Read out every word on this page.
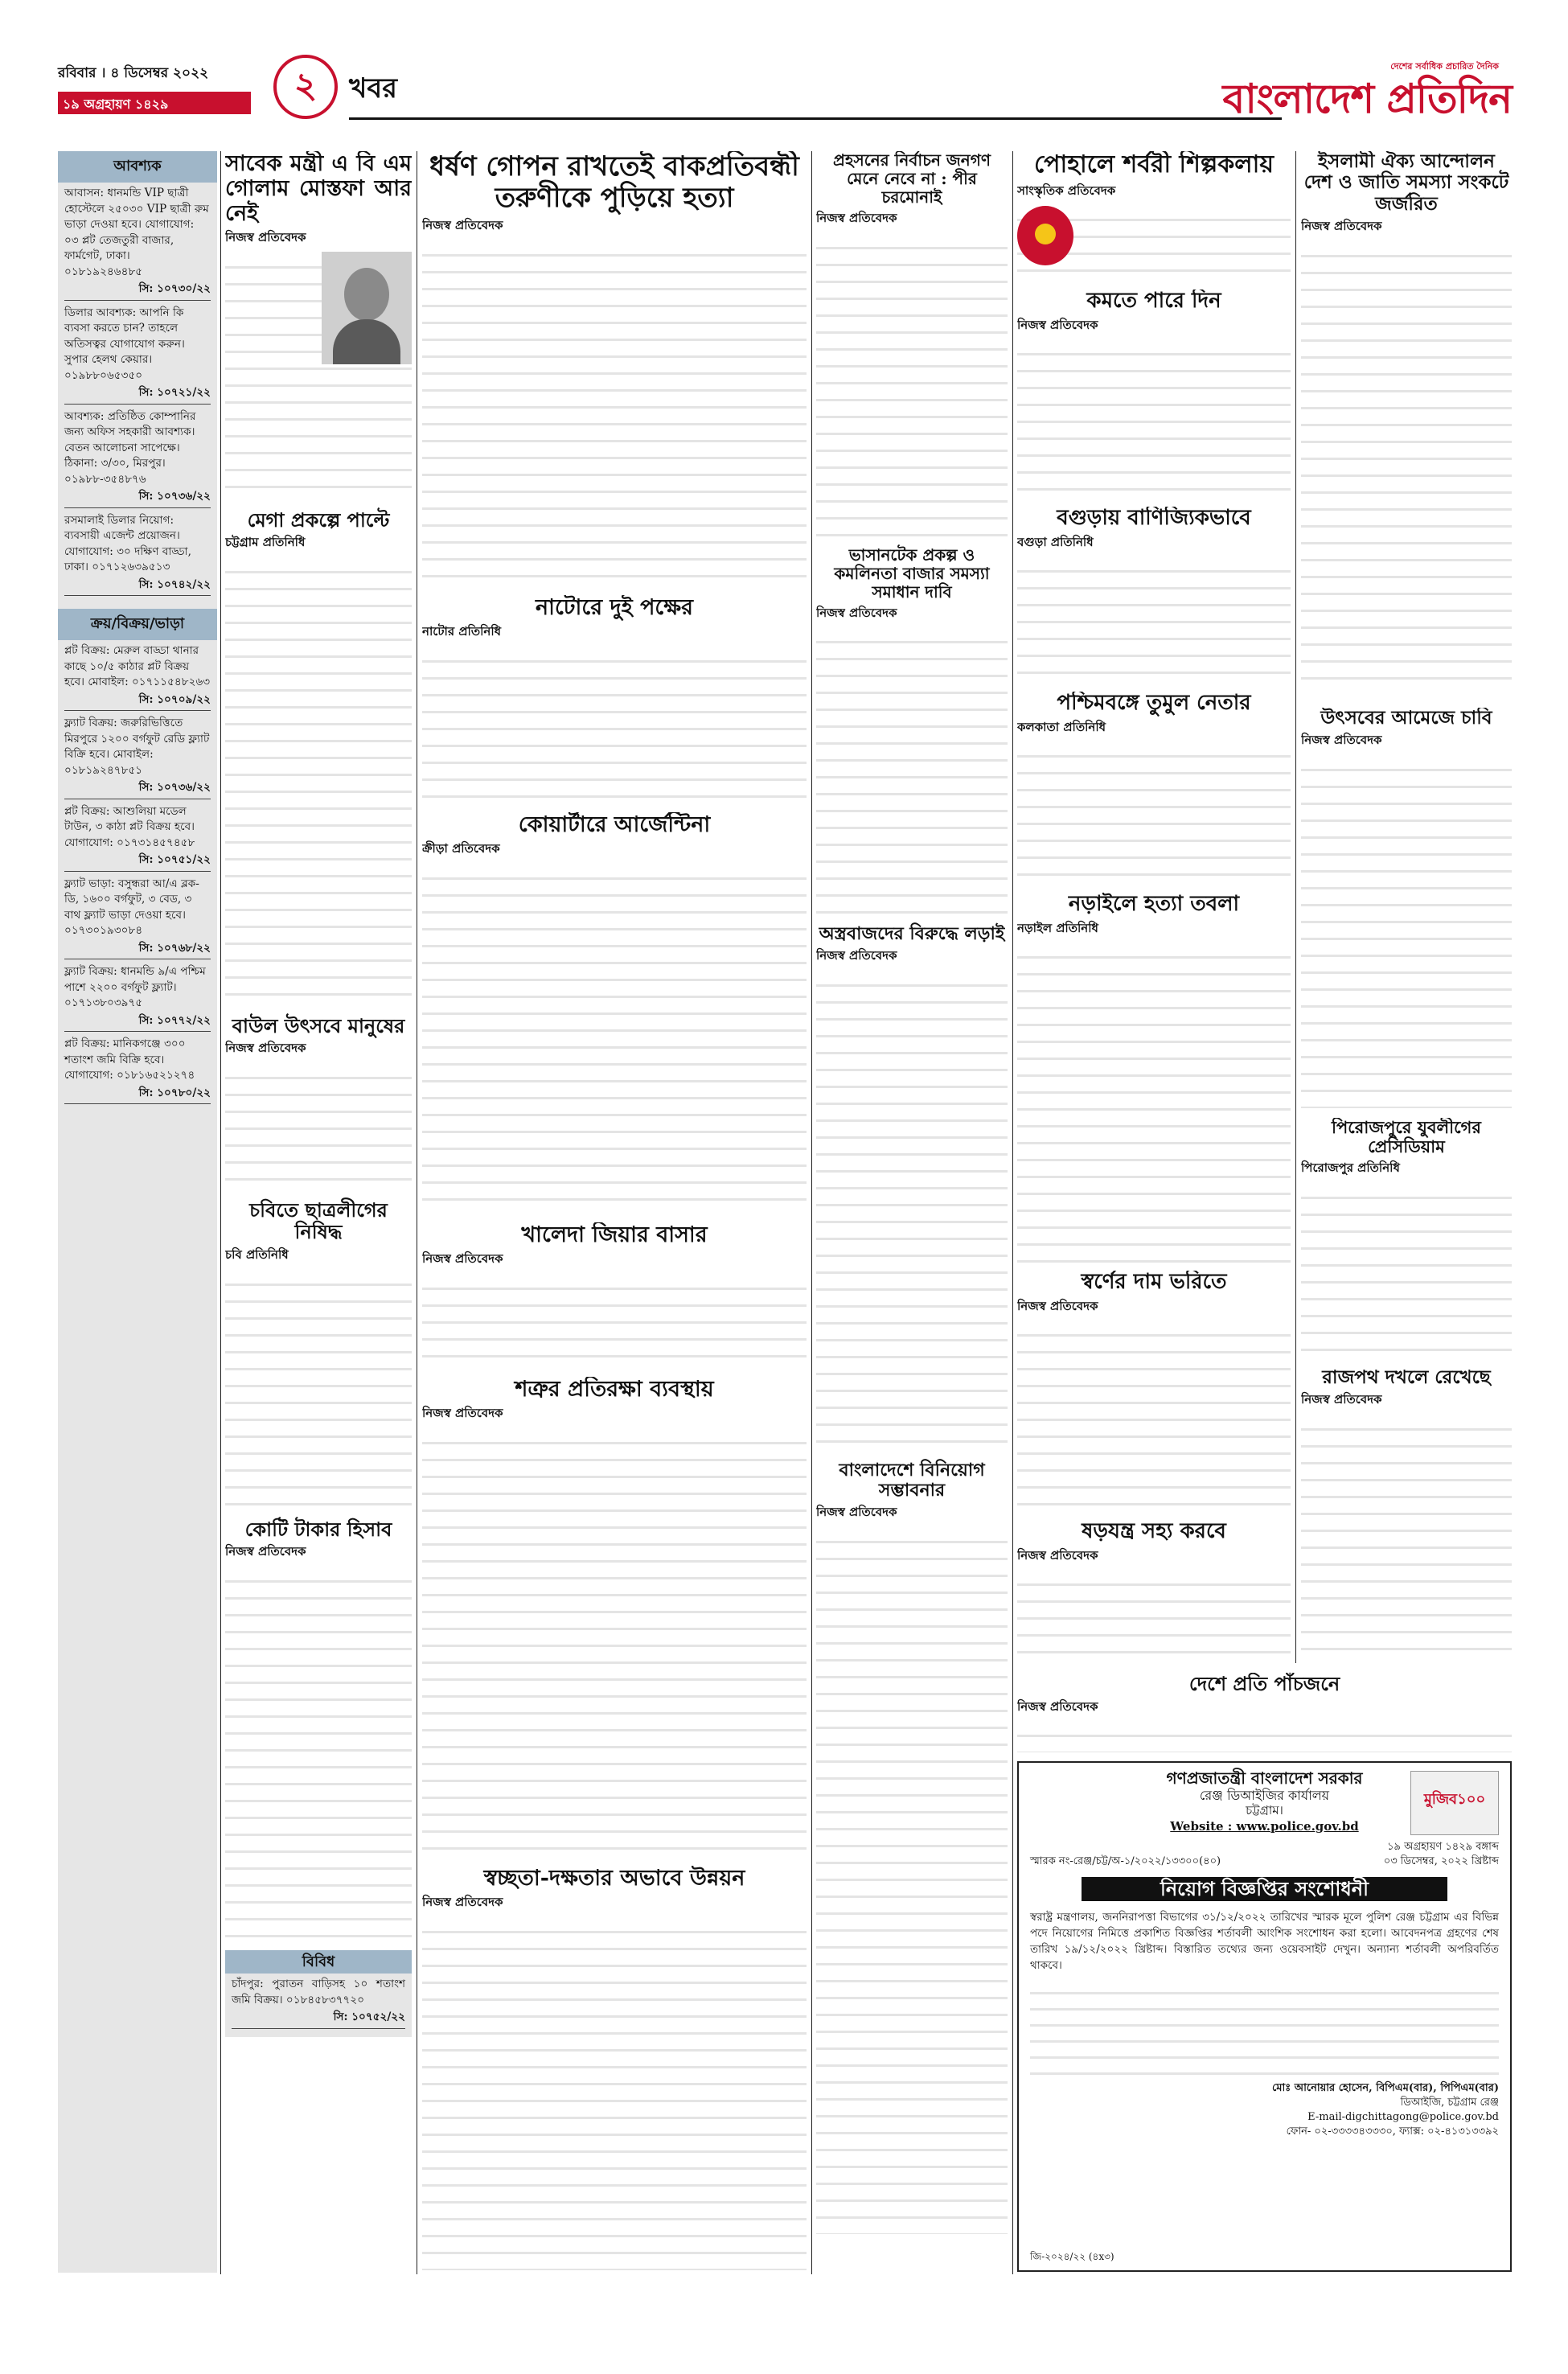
রবিবার । ৪ ডিসেম্বর ২০২২
১৯ অগ্রহায়ণ ১৪২৯	২	খবর
দেশের সর্বাধিক প্রচারিত দৈনিক
বাংলাদেশ প্রতিদিন
আবশ্যক
আবাসন: ধানমন্ডি VIP ছাত্রী হোস্টেলে ২৫০৩০ VIP ছাত্রী রুম ভাড়া দেওয়া হবে। যোগাযোগ: ০৩ প্লট তেজতুরী বাজার, ফার্মগেট, ঢাকা। ০১৮১৯২৪৬৪৮৫
সি: ১০৭৩০/২২
ডিলার আবশ্যক: আপনি কি ব্যবসা করতে চান? তাহলে অতিসত্বর যোগাযোগ করুন। সুপার হেলথ কেয়ার। ০১৯৮৮০৬৫৩৫০
সি: ১০৭২১/২২
আবশ্যক: প্রতিষ্ঠিত কোম্পানির জন্য অফিস সহকারী আবশ্যক। বেতন আলোচনা সাপেক্ষে। ঠিকানা: ৩/৩০, মিরপুর। ০১৯৮৮-৩৫৪৮৭৬
সি: ১০৭৩৬/২২
রসমালাই ডিলার নিয়োগ: ব্যবসায়ী এজেন্ট প্রয়োজন। যোগাযোগ: ৩০ দক্ষিণ বাড্ডা, ঢাকা। ০১৭১২৬৩৯৫১৩
সি: ১০৭৪২/২২
ক্রয়/বিক্রয়/ভাড়া
প্লট বিক্রয়: মেরুল বাড্ডা থানার কাছে ১০/৫ কাঠার প্লট বিক্রয় হবে। মোবাইল: ০১৭১১৫৪৮২৬৩
সি: ১০৭০৯/২২
ফ্ল্যাট বিক্রয়: জরুরিভিত্তিতে মিরপুরে ১২০০ বর্গফুট রেডি ফ্ল্যাট বিক্রি হবে। মোবাইল: ০১৮১৯২৪৭৮৫১
সি: ১০৭৩৬/২২
প্লট বিক্রয়: আশুলিয়া মডেল টাউন, ৩ কাঠা প্লট বিক্রয় হবে। যোগাযোগ: ০১৭৩১৪৫৭৪৫৮
সি: ১০৭৫১/২২
ফ্ল্যাট ভাড়া: বসুন্ধরা আ/এ ব্লক-ডি, ১৬০০ বর্গফুট, ৩ বেড, ৩ বাথ ফ্ল্যাট ভাড়া দেওয়া হবে। ০১৭৩০১৯৩০৮৪
সি: ১০৭৬৮/২২
ফ্ল্যাট বিক্রয়: ধানমন্ডি ৯/এ পশ্চিম পাশে ২২০০ বর্গফুট ফ্ল্যাট। ০১৭১৩৮০৩৯৭৫
সি: ১০৭৭২/২২
প্লট বিক্রয়: মানিকগঞ্জে ৩০০ শতাংশ জমি বিক্রি হবে। যোগাযোগ: ০১৮১৬৫২১২৭৪
সি: ১০৭৮০/২২
সাবেক মন্ত্রী এ বি এম গোলাম মোস্তফা আর নেই
নিজস্ব প্রতিবেদক
মেগা প্রকল্পে পাল্টে
চট্টগ্রাম প্রতিনিধি
বাউল উৎসবে মানুষের
নিজস্ব প্রতিবেদক
চবিতে ছাত্রলীগের নিষিদ্ধ
চবি প্রতিনিধি
কোটি টাকার হিসাব
নিজস্ব প্রতিবেদক
বিবিধ
চাঁদপুর: পুরাতন বাড়িসহ ১০ শতাংশ জমি বিক্রয়। ০১৮৪৫৮৩৭৭২০
সি: ১০৭৫২/২২
ধর্ষণ গোপন রাখতেই বাকপ্রতিবন্ধী তরুণীকে পুড়িয়ে হত্যা
নিজস্ব প্রতিবেদক
নাটোরে দুই পক্ষের
নাটোর প্রতিনিধি
কোয়ার্টারে আর্জেন্টিনা
ক্রীড়া প্রতিবেদক
খালেদা জিয়ার বাসার
নিজস্ব প্রতিবেদক
শত্রুর প্রতিরক্ষা ব্যবস্থায়
নিজস্ব প্রতিবেদক
স্বচ্ছতা-দক্ষতার অভাবে উন্নয়ন
নিজস্ব প্রতিবেদক
প্রহসনের নির্বাচন জনগণ মেনে নেবে না : পীর চরমোনাই
নিজস্ব প্রতিবেদক
ভাসানটেক প্রকল্প ও কমলিনতা বাজার সমস্যা সমাধান দাবি
নিজস্ব প্রতিবেদক
অস্ত্রবাজদের বিরুদ্ধে লড়াই
নিজস্ব প্রতিবেদক
বাংলাদেশে বিনিয়োগ সম্ভাবনার
নিজস্ব প্রতিবেদক
পোহালে শর্বরী শিল্পকলায়
সাংস্কৃতিক প্রতিবেদক
কমতে পারে দিন
নিজস্ব প্রতিবেদক
বগুড়ায় বাণিজ্যিকভাবে
বগুড়া প্রতিনিধি
পশ্চিমবঙ্গে তুমুল নেতার
কলকাতা প্রতিনিধি
নড়াইলে হত্যা তবলা
নড়াইল প্রতিনিধি
স্বর্ণের দাম ভরিতে
নিজস্ব প্রতিবেদক
ষড়যন্ত্র সহ্য করবে
নিজস্ব প্রতিবেদক
ইসলামী ঐক্য আন্দোলন দেশ ও জাতি সমস্যা সংকটে জর্জরিত
নিজস্ব প্রতিবেদক
উৎসবের আমেজে চাবি
নিজস্ব প্রতিবেদক
পিরোজপুরে যুবলীগের প্রেসিডিয়াম
পিরোজপুর প্রতিনিধি
রাজপথ দখলে রেখেছে
নিজস্ব প্রতিবেদক
দেশে প্রতি পাঁচজনে
নিজস্ব প্রতিবেদক
গণপ্রজাতন্ত্রী বাংলাদেশ সরকার
রেঞ্জ ডিআইজির কার্যালয়
চট্টগ্রাম।
Website : www.police.gov.bd
মুজিব১০০
১৯ অগ্রহায়ণ ১৪২৯ বঙ্গাব্দ
স্মারক নং-রেঞ্জ/চট্ট/অ-১/২০২২/১৩৩০০(৪০)	০৩ ডিসেম্বর, ২০২২ খ্রিষ্টাব্দ
নিয়োগ বিজ্ঞপ্তির সংশোধনী
স্বরাষ্ট্র মন্ত্রণালয়, জননিরাপত্তা বিভাগের ৩১/১২/২০২২ তারিখের স্মারক মূলে পুলিশ রেঞ্জ চট্টগ্রাম এর বিভিন্ন পদে নিয়োগের নিমিত্তে প্রকাশিত বিজ্ঞপ্তির শর্তাবলী আংশিক সংশোধন করা হলো। আবেদনপত্র গ্রহণের শেষ তারিখ ১৯/১২/২০২২ খ্রিষ্টাব্দ। বিস্তারিত তথ্যের জন্য ওয়েবসাইট দেখুন। অন্যান্য শর্তাবলী অপরিবর্তিত থাকবে।
মোঃ আনোয়ার হোসেন, বিপিএম(বার), পিপিএম(বার)
ডিআইজি, চট্টগ্রাম রেঞ্জ
E-mail-digchittagong@police.gov.bd
ফোন- ০২-৩৩৩৩৪৩৩৩০, ফ্যাক্স: ০২-৪১৩১৩৩৯২
জি-২০২৪/২২ (৪x৩)
